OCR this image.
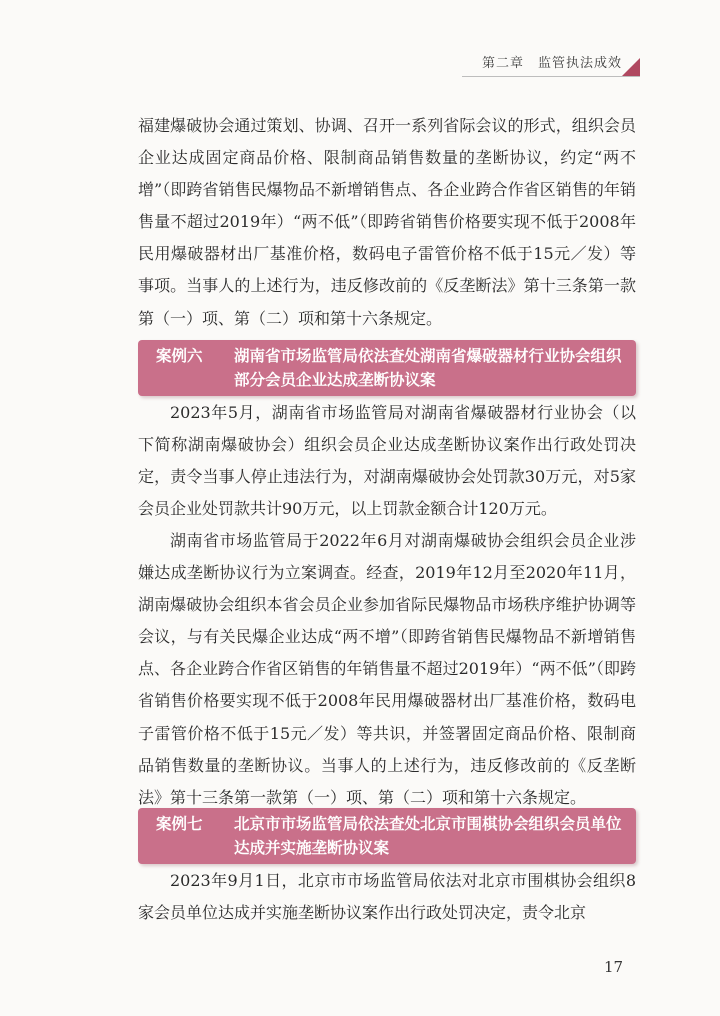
第二章 监管执法成效

福建爆破协会通过策划、协调、召开一系列省际会议的形式，组织会员企业达成固定商品价格、限制商品销售数量的垄断协议，约定“两不增”（即跨省销售民爆物品不新增销售点、各企业跨合作省区销售的年销售量不超过2019年）“两不低”（即跨省销售价格要实现不低于2008年民用爆破器材出厂基准价格，数码电子雷管价格不低于15元／发）等事项。当事人的上述行为，违反修改前的《反垄断法》第十三条第一款第（一）项、第（二）项和第十六条规定。

案例六	湖南省市场监管局依法查处湖南省爆破器材行业协会组织部分会员企业达成垄断协议案

2023年5月，湖南省市场监管局对湖南省爆破器材行业协会（以下简称湖南爆破协会）组织会员企业达成垄断协议案作出行政处罚决定，责令当事人停止违法行为，对湖南爆破协会处罚款30万元，对5家会员企业处罚款共计90万元，以上罚款金额合计120万元。

湖南省市场监管局于2022年6月对湖南爆破协会组织会员企业涉嫌达成垄断协议行为立案调查。经查，2019年12月至2020年11月，湖南爆破协会组织本省会员企业参加省际民爆物品市场秩序维护协调等会议，与有关民爆企业达成“两不增”（即跨省销售民爆物品不新增销售点、各企业跨合作省区销售的年销售量不超过2019年）“两不低”（即跨省销售价格要实现不低于2008年民用爆破器材出厂基准价格，数码电子雷管价格不低于15元／发）等共识，并签署固定商品价格、限制商品销售数量的垄断协议。当事人的上述行为，违反修改前的《反垄断法》第十三条第一款第（一）项、第（二）项和第十六条规定。

案例七	北京市市场监管局依法查处北京市围棋协会组织会员单位达成并实施垄断协议案

2023年9月1日，北京市市场监管局依法对北京市围棋协会组织8家会员单位达成并实施垄断协议案作出行政处罚决定，责令北京

17
